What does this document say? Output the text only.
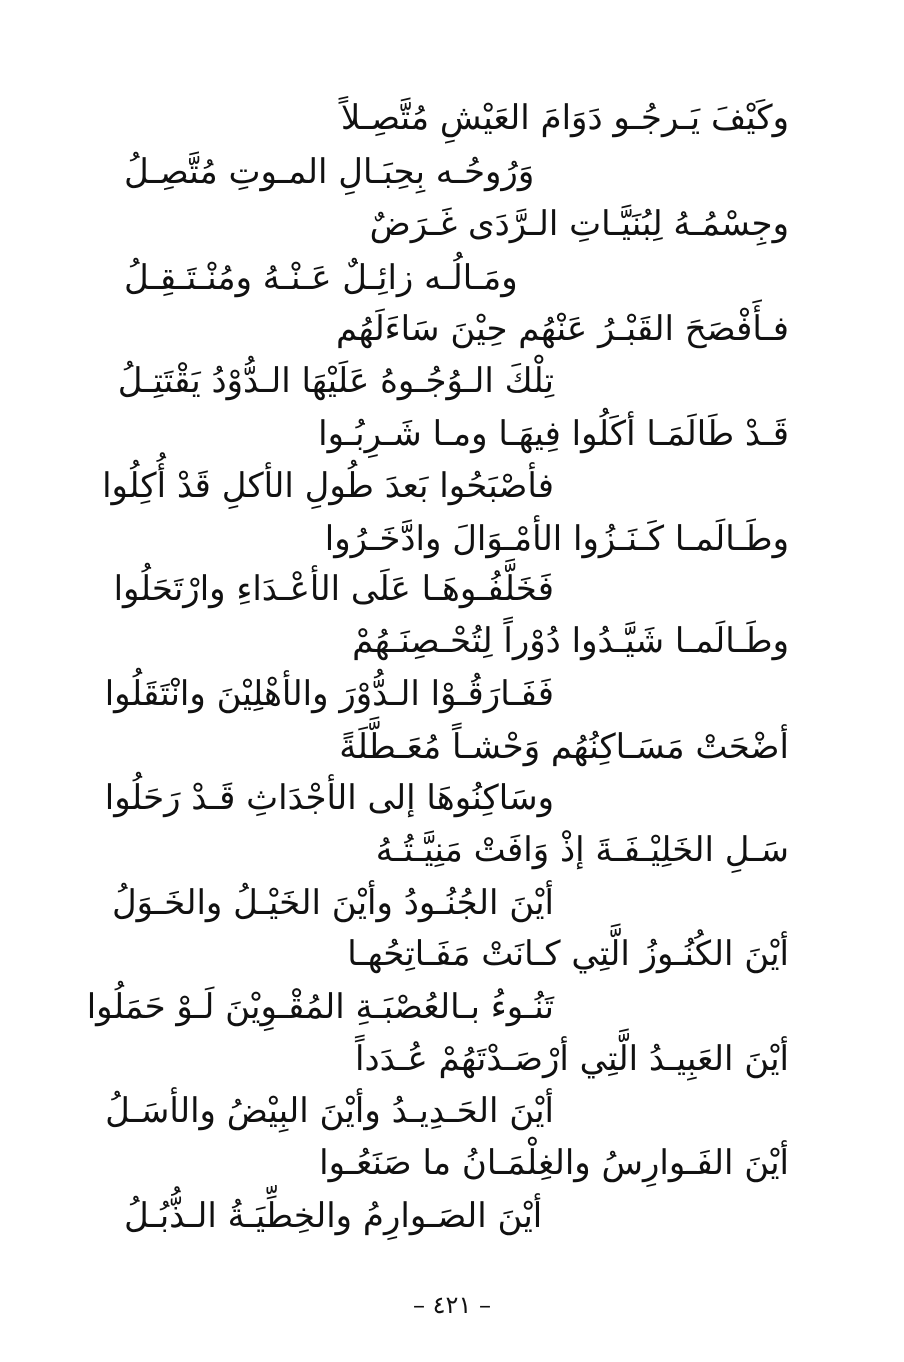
وكَيْفَ يَـرجُـو دَوَامَ العَيْشِ مُتَّصِـلاً
وَرُوحُـه بِحِبَـالِ المـوتِ مُتَّصِـلُ
وجِسْمُـهُ لِبُنَيَّـاتِ الـرَّدَى غَـرَضٌ
ومَـالُـه زائِـلٌ عَـنْـهُ ومُنْـتَـقِـلُ
فـأَفْصَحَ القَبْـرُ عَنْهُم حِيْنَ سَاءَلَهُم
تِلْكَ الـوُجُـوهُ عَلَيْهَا الـدُّوْدُ يَقْتَتِـلُ
قَـدْ طَالَمَـا أكَلُوا فِيهَـا ومـا شَـرِبُـوا
فأصْبَحُوا بَعدَ طُولِ الأكلِ قَدْ أُكِلُوا
وطَـالَمـا كَـنَـزُوا الأمْـوَالَ وادَّخَـرُوا
فَخَلَّفُـوهَـا عَلَى الأعْـدَاءِ وارْتَحَلُوا
وطَـالَمـا شَيَّـدُوا دُوْراً لِتُحْـصِنَـهُمْ
فَفَـارَقُـوْا الـدُّوْرَ والأهْلِيْنَ وانْتَقَلُوا
أضْحَتْ مَسَـاكِنُهُم وَحْشـاً مُعَـطَّلَةً
وسَاكِنُوهَا إلى الأجْدَاثِ قَـدْ رَحَلُوا
سَـلِ الخَلِيْـفَـةَ إذْ وَافَتْ مَنِيَّـتُـهُ
أيْنَ الجُنُـودُ وأيْنَ الخَيْـلُ والخَـوَلُ
أيْنَ الكُنُـوزُ الَّتِي كـانَتْ مَفَـاتِحُهـا
تَنُـوءُ بـالعُصْبَـةِ المُقْـوِيْنَ لَـوْ حَمَلُوا
أيْنَ العَبِيـدُ الَّتِي أرْصَـدْتَهُمْ عُـدَداً
أيْنَ الحَـدِيـدُ وأيْنَ البِيْضُ والأسَـلُ
أيْنَ الفَـوارِسُ والغِلْمَـانُ ما صَنَعُـوا
أيْنَ الصَـوارِمُ والخِطِّيَـةُ الـذُّبُـلُ
– ٤٢١ –
